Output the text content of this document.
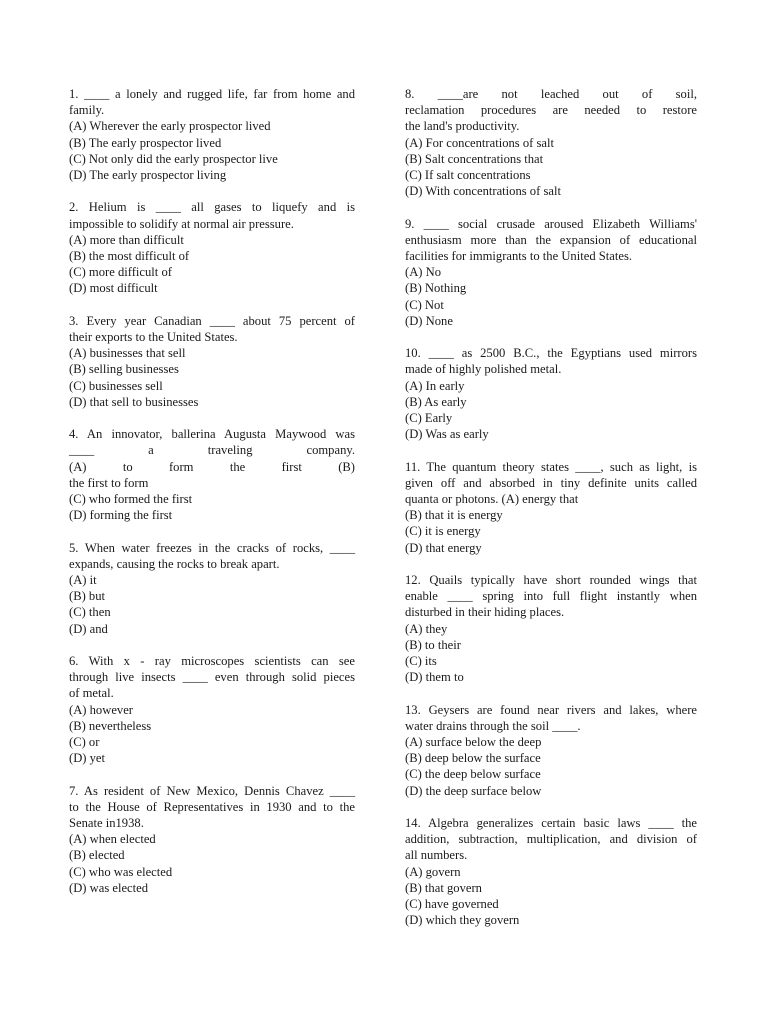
1. ____ a lonely and rugged life, far from home and
family.
(A) Wherever the early prospector lived
(B) The early prospector lived
(C) Not only did the early prospector live
(D) The early prospector living
2. Helium is ____ all gases to liquefy and is
impossible to solidify at normal air pressure.
(A) more than difficult
(B) the most difficult of
(C) more difficult of
(D) most difficult
3. Every year Canadian ____ about 75 percent of
their exports to the United States.
(A) businesses that sell
(B) selling businesses
(C) businesses sell
(D) that sell to businesses
4. An innovator, ballerina Augusta Maywood was
____ a traveling company.
(A) to form the first (B)
the first to form
(C) who formed the first
(D) forming the first
5. When water freezes in the cracks of rocks, ____
expands, causing the rocks to break apart.
(A) it
(B) but
(C) then
(D) and
6. With x - ray microscopes scientists can see
through live insects ____ even through solid pieces
of metal.
(A) however
(B) nevertheless
(C) or
(D) yet
7. As resident of New Mexico, Dennis Chavez ____
to the House of Representatives in 1930 and to the
Senate in1938.
(A) when elected
(B) elected
(C) who was elected
(D) was elected
8. ____are not leached out of soil,
reclamation procedures are needed to restore
the land's productivity.
(A) For concentrations of salt
(B) Salt concentrations that
(C) If salt concentrations
(D) With concentrations of salt
9. ____ social crusade aroused Elizabeth Williams'
enthusiasm more than the expansion of educational
facilities for immigrants to the United States.
(A) No
(B) Nothing
(C) Not
(D) None
10. ____ as 2500 B.C., the Egyptians used mirrors
made of highly polished metal.
(A) In early
(B) As early
(C) Early
(D) Was as early
11. The quantum theory states ____, such as light, is
given off and absorbed in tiny definite units called
quanta or photons. (A) energy that
(B) that it is energy
(C) it is energy
(D) that energy
12. Quails typically have short rounded wings that
enable ____ spring into full flight instantly when
disturbed in their hiding places.
(A) they
(B) to their
(C) its
(D) them to
13. Geysers are found near rivers and lakes, where
water drains through the soil ____.
(A) surface below the deep
(B) deep below the surface
(C) the deep below surface
(D) the deep surface below
14. Algebra generalizes certain basic laws ____ the
addition, subtraction, multiplication, and division of
all numbers.
(A) govern
(B) that govern
(C) have governed
(D) which they govern
